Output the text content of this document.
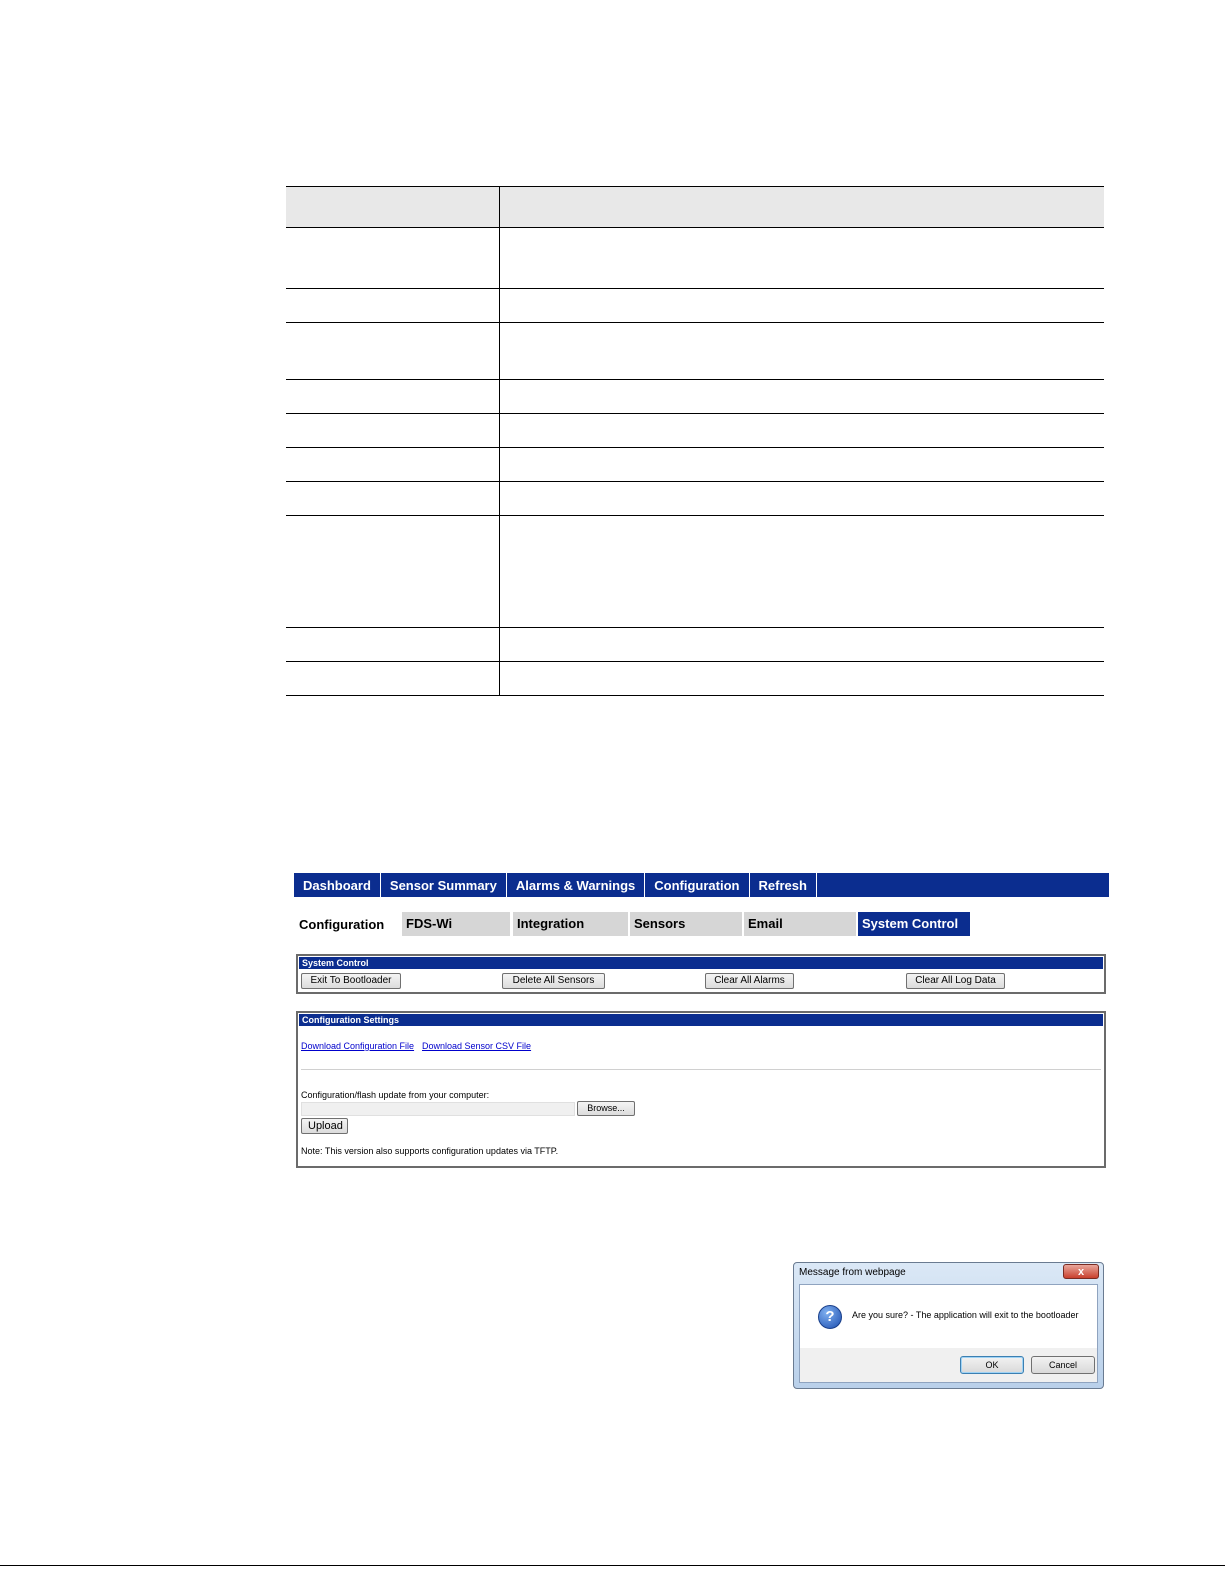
Dashboard	Sensor Summary	Alarms & Warnings	Configuration	Refresh
Configuration	FDS-Wi	Integration	Sensors	Email	System Control
System Control
Exit To Bootloader	Delete All Sensors	Clear All Alarms	Clear All Log Data
Configuration Settings
Download Configuration File Download Sensor CSV File
Configuration/flash update from your computer:
Browse...
Upload
Note: This version also supports configuration updates via TFTP.
Message from webpage	x
?	Are you sure? - The application will exit to the bootloader
OK	Cancel
